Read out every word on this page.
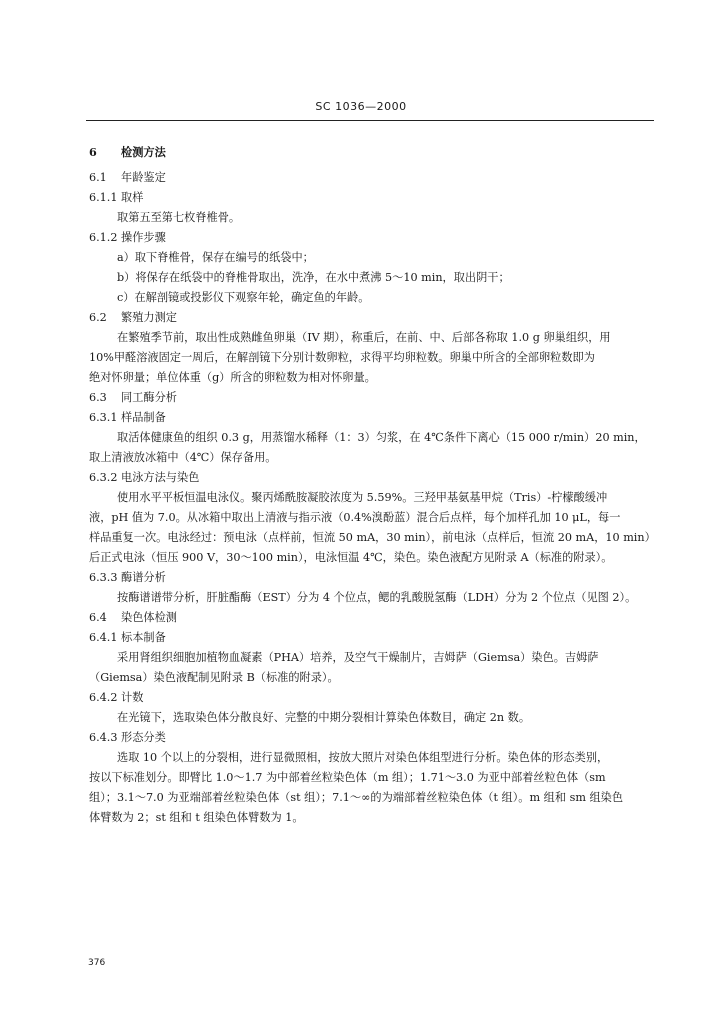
SC 1036—2000
6 检测方法
6.1 年龄鉴定
6.1.1 取样
取第五至第七枚脊椎骨。
6.1.2 操作步骤
a）取下脊椎骨，保存在编号的纸袋中；
b）将保存在纸袋中的脊椎骨取出，洗净，在水中煮沸 5～10 min，取出阴干；
c）在解剖镜或投影仪下观察年轮，确定鱼的年龄。
6.2 繁殖力测定
在繁殖季节前，取出性成熟雌鱼卵巢（IV 期），称重后，在前、中、后部各称取 1.0 g 卵巢组织，用
10%甲醛溶液固定一周后，在解剖镜下分别计数卵粒，求得平均卵粒数。卵巢中所含的全部卵粒数即为
绝对怀卵量；单位体重（g）所含的卵粒数为相对怀卵量。
6.3 同工酶分析
6.3.1 样品制备
取活体健康鱼的组织 0.3 g，用蒸馏水稀释（1：3）匀浆，在 4℃条件下离心（15 000 r/min）20 min，
取上清液放冰箱中（4℃）保存备用。
6.3.2 电泳方法与染色
使用水平平板恒温电泳仪。聚丙烯酰胺凝胶浓度为 5.59%。三羟甲基氨基甲烷（Tris）-柠檬酸缓冲
液，pH 值为 7.0。从冰箱中取出上清液与指示液（0.4%溴酚蓝）混合后点样，每个加样孔加 10 μL，每一
样品重复一次。电泳经过：预电泳（点样前，恒流 50 mA，30 min），前电泳（点样后，恒流 20 mA，10 min）
后正式电泳（恒压 900 V，30～100 min），电泳恒温 4℃，染色。染色液配方见附录 A（标准的附录）。
6.3.3 酶谱分析
按酶谱谱带分析，肝脏酯酶（EST）分为 4 个位点，鳃的乳酸脱氢酶（LDH）分为 2 个位点（见图 2）。
6.4 染色体检测
6.4.1 标本制备
采用肾组织细胞加植物血凝素（PHA）培养，及空气干燥制片，吉姆萨（Giemsa）染色。吉姆萨
（Giemsa）染色液配制见附录 B（标准的附录）。
6.4.2 计数
在光镜下，选取染色体分散良好、完整的中期分裂相计算染色体数目，确定 2n 数。
6.4.3 形态分类
选取 10 个以上的分裂相，进行显微照相，按放大照片对染色体组型进行分析。染色体的形态类别，
按以下标准划分。即臂比 1.0～1.7 为中部着丝粒染色体（m 组）；1.71～3.0 为亚中部着丝粒色体（sm
组）；3.1～7.0 为亚端部着丝粒染色体（st 组）；7.1～∞的为端部着丝粒染色体（t 组）。m 组和 sm 组染色
体臂数为 2；st 组和 t 组染色体臂数为 1。
376
